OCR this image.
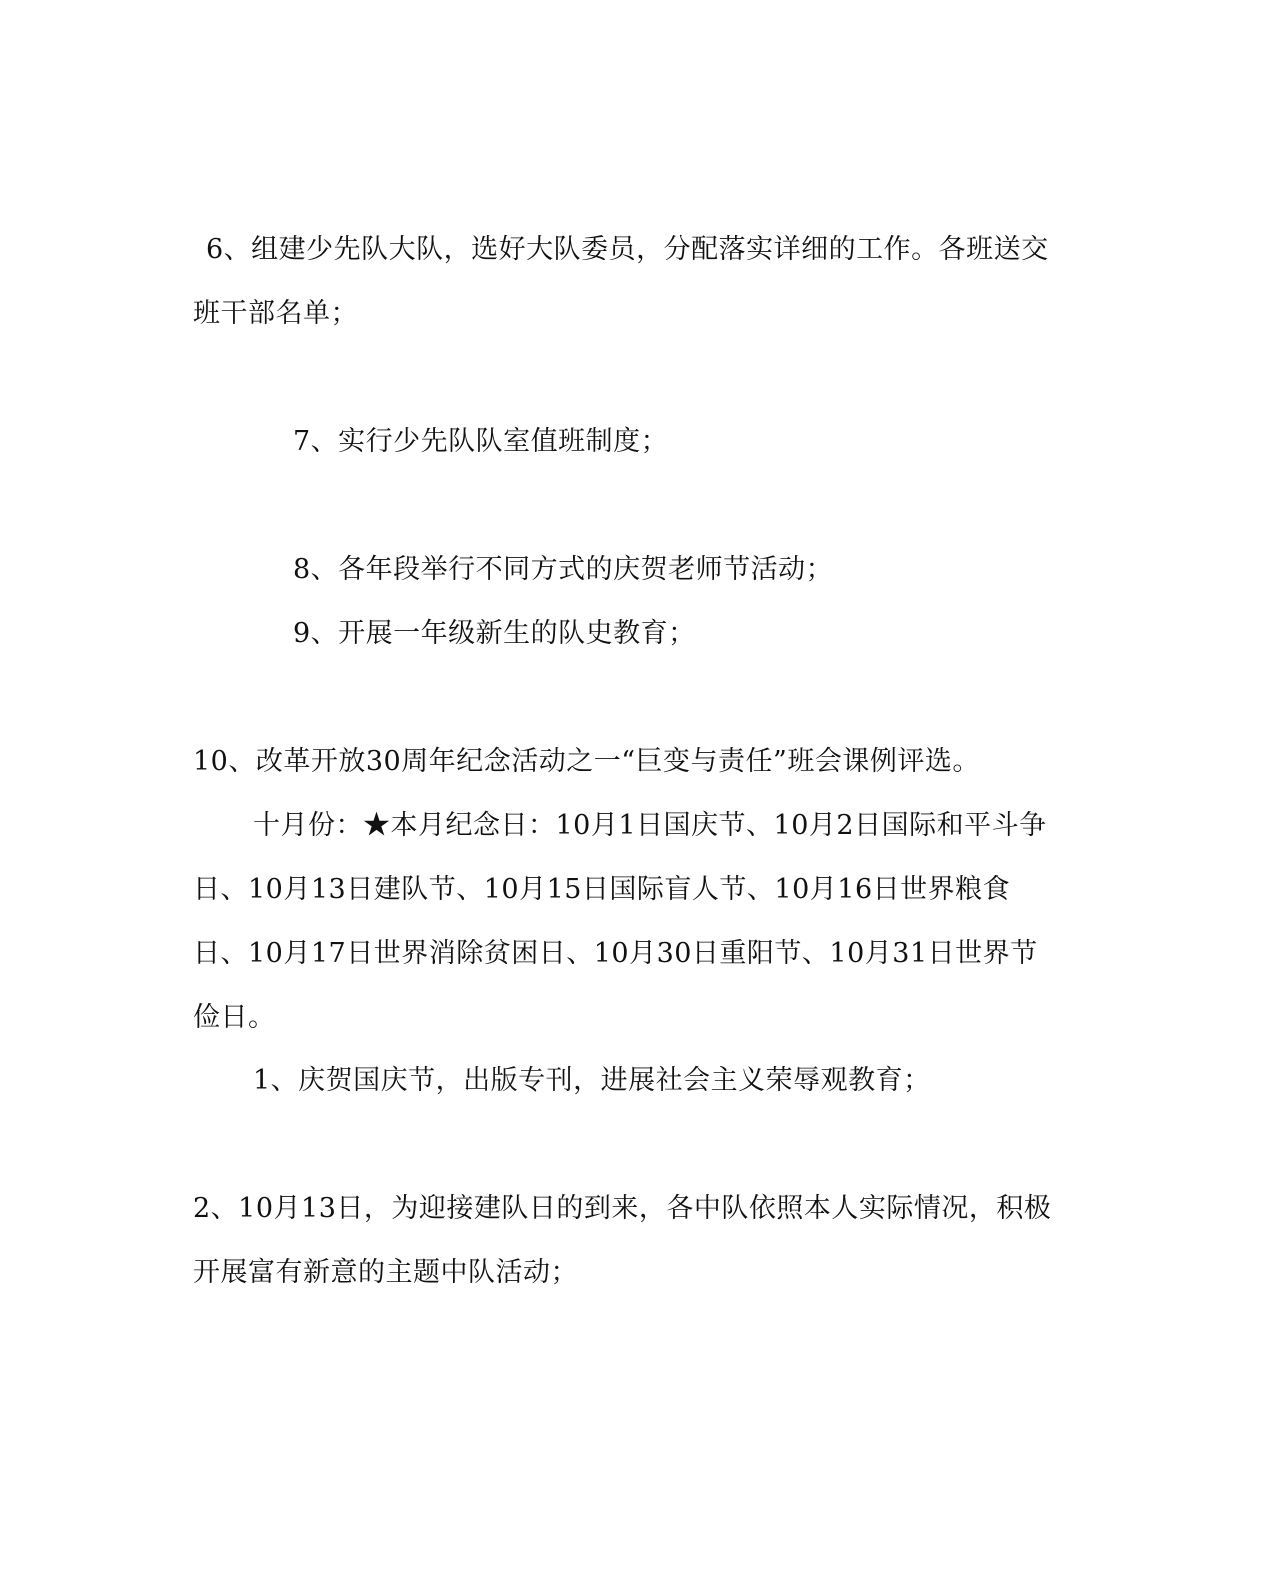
6、组建少先队大队，选好大队委员，分配落实详细的工作。各班送交班干部名单；
7、实行少先队队室值班制度；
8、各年段举行不同方式的庆贺老师节活动；
9、开展一年级新生的队史教育；
10、改革开放30周年纪念活动之一“巨变与责任”班会课例评选。
十月份：★本月纪念日：10月1日国庆节、10月2日国际和平斗争日、10月13日建队节、10月15日国际盲人节、10月16日世界粮食日、10月17日世界消除贫困日、10月30日重阳节、10月31日世界节俭日。
1、庆贺国庆节，出版专刊，进展社会主义荣辱观教育；
2、10月13日，为迎接建队日的到来，各中队依照本人实际情况，积极开展富有新意的主题中队活动；
